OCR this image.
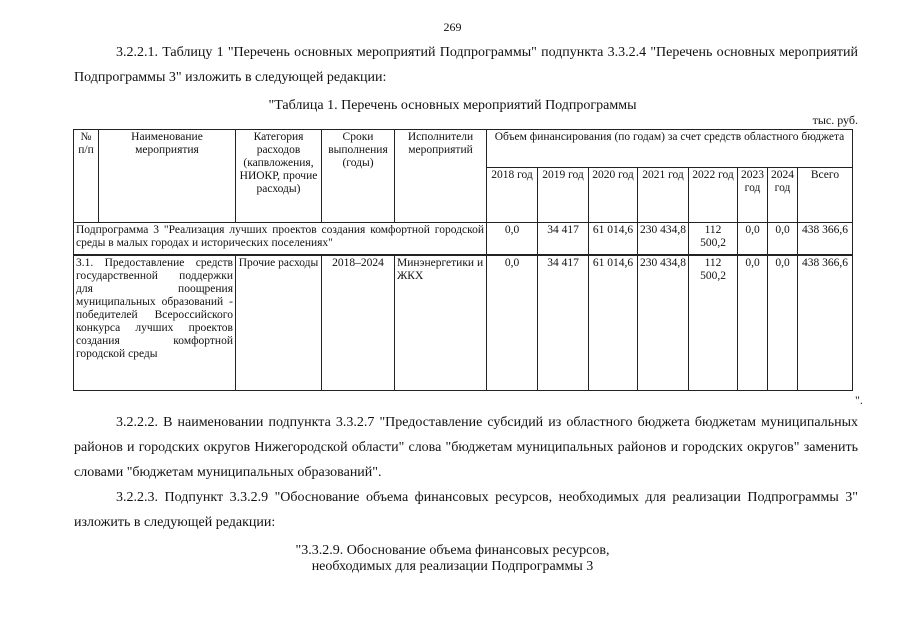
269
3.2.2.1. Таблицу 1 "Перечень основных мероприятий Подпрограммы" подпункта 3.3.2.4 "Перечень основных мероприятий Подпрограммы 3" изложить в следующей редакции:
"Таблица 1. Перечень основных мероприятий Подпрограммы
тыс. руб.
№ п/п	Наименование мероприятия	Категория расходов (капвложения, НИОКР, прочие расходы)	Сроки выполнения (годы)	Исполнители мероприятий	Объем финансирования (по годам) за счет средств областного бюджета							
					2018 год	2019 год	2020 год	2021 год	2022 год	2023 год	2024 год	Всего
Подпрограмма 3 "Реализация лучших проектов создания комфортной городской среды в малых городах и исторических поселениях"					0,0	34 417	61 014,6	230 434,8	112 500,2	0,0	0,0	438 366,6
3.1. Предоставление средств государственной поддержки для поощрения муниципальных образований - победителей Всероссийского конкурса лучших проектов создания комфортной городской среды		Прочие расходы	2018–2024	Минэнергетики и ЖКХ	0,0	34 417	61 014,6	230 434,8	112 500,2	0,0	0,0	438 366,6
".
3.2.2.2. В наименовании подпункта 3.3.2.7 "Предоставление субсидий из областного бюджета бюджетам муниципальных районов и городских округов Нижегородской области" слова "бюджетам муниципальных районов и городских округов" заменить словами "бюджетам муниципальных образований".
3.2.2.3. Подпункт 3.3.2.9 "Обоснование объема финансовых ресурсов, необходимых для реализации Подпрограммы 3" изложить в следующей редакции:
"3.3.2.9. Обоснование объема финансовых ресурсов,
необходимых для реализации Подпрограммы 3
